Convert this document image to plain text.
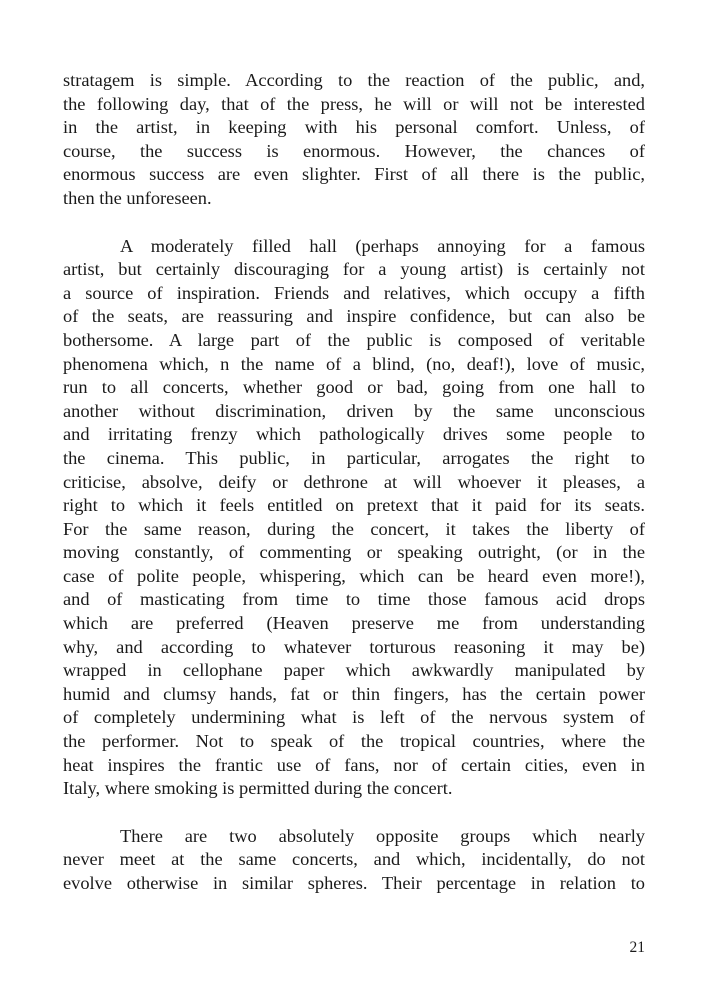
stratagem is simple. According to the reaction of the public, and,
the following day, that of the press, he will or will not be interested
in the artist, in keeping with his personal comfort. Unless, of
course, the success is enormous. However, the chances of
enormous success are even slighter. First of all there is the public,
then the unforeseen.
A moderately filled hall (perhaps annoying for a famous
artist, but certainly discouraging for a young artist) is certainly not
a source of inspiration. Friends and relatives, which occupy a fifth
of the seats, are reassuring and inspire confidence, but can also be
bothersome. A large part of the public is composed of veritable
phenomena which, n the name of a blind, (no, deaf!), love of music,
run to all concerts, whether good or bad, going from one hall to
another without discrimination, driven by the same unconscious
and irritating frenzy which pathologically drives some people to
the cinema. This public, in particular, arrogates the right to
criticise, absolve, deify or dethrone at will whoever it pleases, a
right to which it feels entitled on pretext that it paid for its seats.
For the same reason, during the concert, it takes the liberty of
moving constantly, of commenting or speaking outright, (or in the
case of polite people, whispering, which can be heard even more!),
and of masticating from time to time those famous acid drops
which are preferred (Heaven preserve me from understanding
why, and according to whatever torturous reasoning it may be)
wrapped in cellophane paper which awkwardly manipulated by
humid and clumsy hands, fat or thin fingers, has the certain power
of completely undermining what is left of the nervous system of
the performer. Not to speak of the tropical countries, where the
heat inspires the frantic use of fans, nor of certain cities, even in
Italy, where smoking is permitted during the concert.
There are two absolutely opposite groups which nearly
never meet at the same concerts, and which, incidentally, do not
evolve otherwise in similar spheres. Their percentage in relation to
21
